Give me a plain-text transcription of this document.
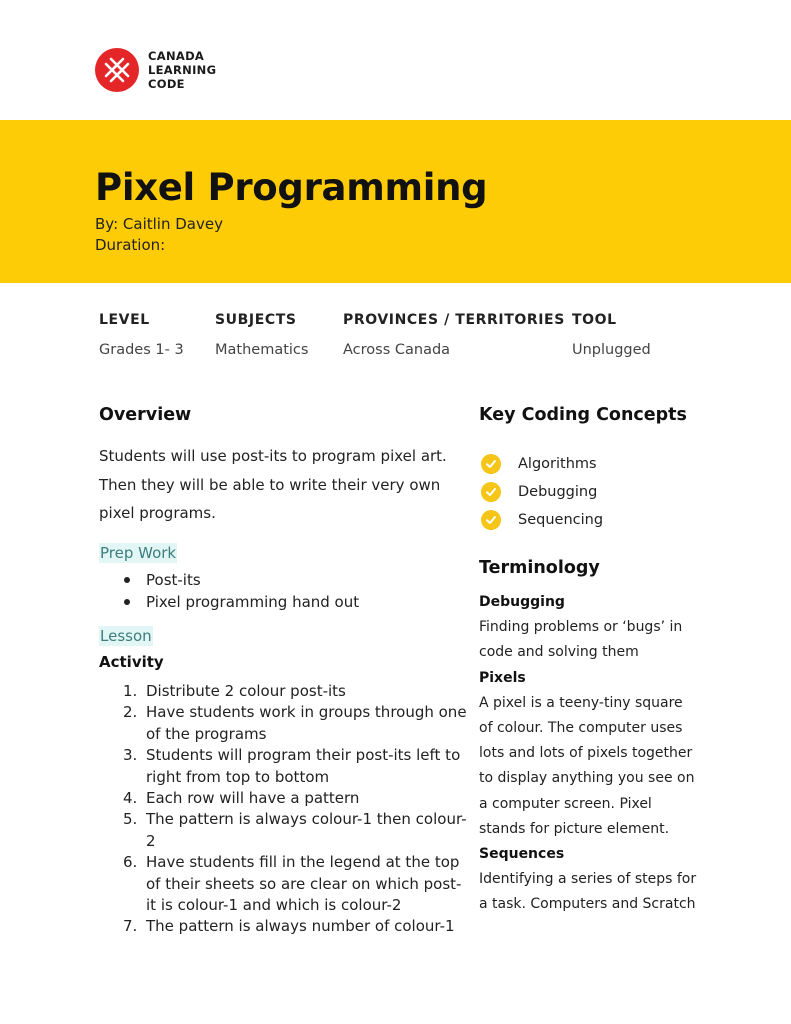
CANADA
LEARNING
CODE
Pixel Programming
By: Caitlin Davey
Duration:
LEVEL
Grades 1- 3
SUBJECTS
Mathematics
PROVINCES / TERRITORIES
Across Canada
TOOL
Unplugged
Overview
Students will use post-its to program pixel art. Then they will be able to write their very own pixel programs.
Prep Work
Post-its
Pixel programming hand out
Lesson
Activity
1. Distribute 2 colour post-its
2. Have students work in groups through one of the programs
3. Students will program their post-its left to right from top to bottom
4. Each row will have a pattern
5. The pattern is always colour-1 then colour-2
6. Have students fill in the legend at the top of their sheets so are clear on which post-it is colour-1 and which is colour-2
7. The pattern is always number of colour-1
Key Coding Concepts
Algorithms
Debugging
Sequencing
Terminology
Debugging
Finding problems or ‘bugs’ in code and solving them
Pixels
A pixel is a teeny-tiny square of colour. The computer uses lots and lots of pixels together to display anything you see on a computer screen. Pixel stands for picture element.
Sequences
Identifying a series of steps for a task. Computers and Scratch
